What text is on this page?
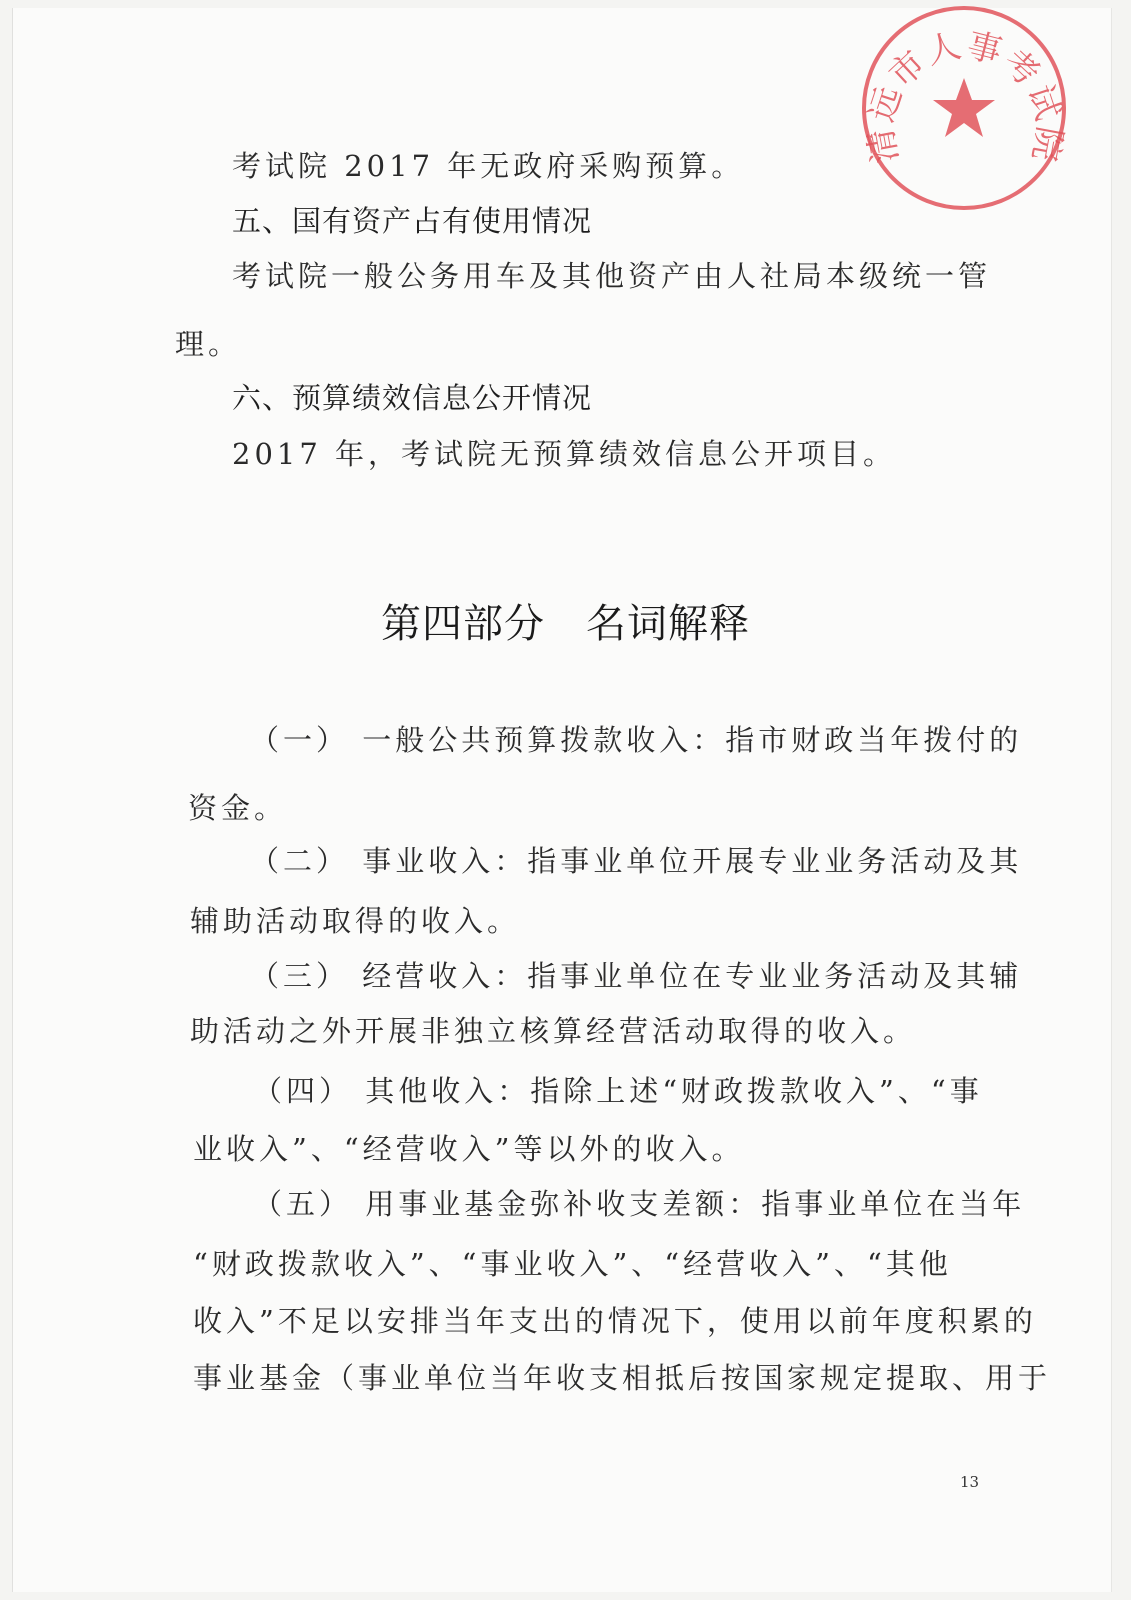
考试院 2017 年无政府采购预算。
五、国有资产占有使用情况
考试院一般公务用车及其他资产由人社局本级统一管
理。
六、预算绩效信息公开情况
2017 年，考试院无预算绩效信息公开项目。
第四部分　名词解释
（一） 一般公共预算拨款收入：指市财政当年拨付的
资金。
（二） 事业收入：指事业单位开展专业业务活动及其
辅助活动取得的收入。
（三） 经营收入：指事业单位在专业业务活动及其辅
助活动之外开展非独立核算经营活动取得的收入。
（四） 其他收入：指除上述“财政拨款收入”、“事
业收入”、“经营收入”等以外的收入。
（五） 用事业基金弥补收支差额：指事业单位在当年
“财政拨款收入”、“事业收入”、“经营收入”、“其他
收入”不足以安排当年支出的情况下，使用以前年度积累的
事业基金（事业单位当年收支相抵后按国家规定提取、用于
13
清远市人事考试院
